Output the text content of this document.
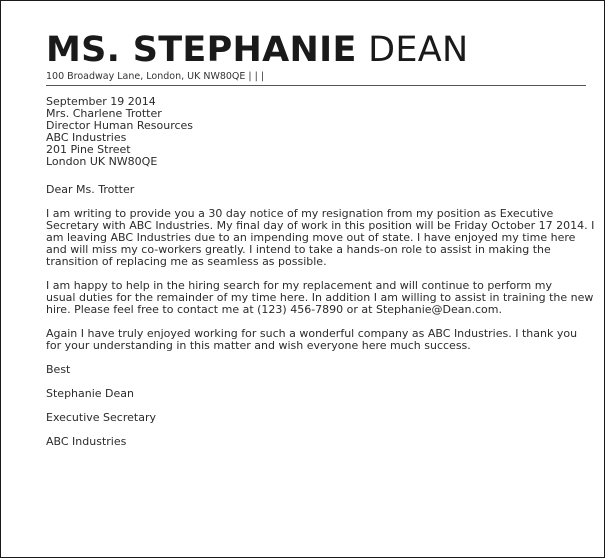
MS. STEPHANIE DEAN
100 Broadway Lane, London, UK NW80QE | | |
September 19 2014
Mrs. Charlene Trotter
Director Human Resources
ABC Industries
201 Pine Street
London UK NW80QE
Dear Ms. Trotter
I am writing to provide you a 30 day notice of my resignation from my position as Executive
Secretary with ABC Industries. My final day of work in this position will be Friday October 17 2014. I
am leaving ABC Industries due to an impending move out of state. I have enjoyed my time here
and will miss my co-workers greatly. I intend to take a hands-on role to assist in making the
transition of replacing me as seamless as possible.
I am happy to help in the hiring search for my replacement and will continue to perform my
usual duties for the remainder of my time here. In addition I am willing to assist in training the new
hire. Please feel free to contact me at (123) 456-7890 or at Stephanie@Dean.com.
Again I have truly enjoyed working for such a wonderful company as ABC Industries. I thank you
for your understanding in this matter and wish everyone here much success.
Best
Stephanie Dean
Executive Secretary
ABC Industries
